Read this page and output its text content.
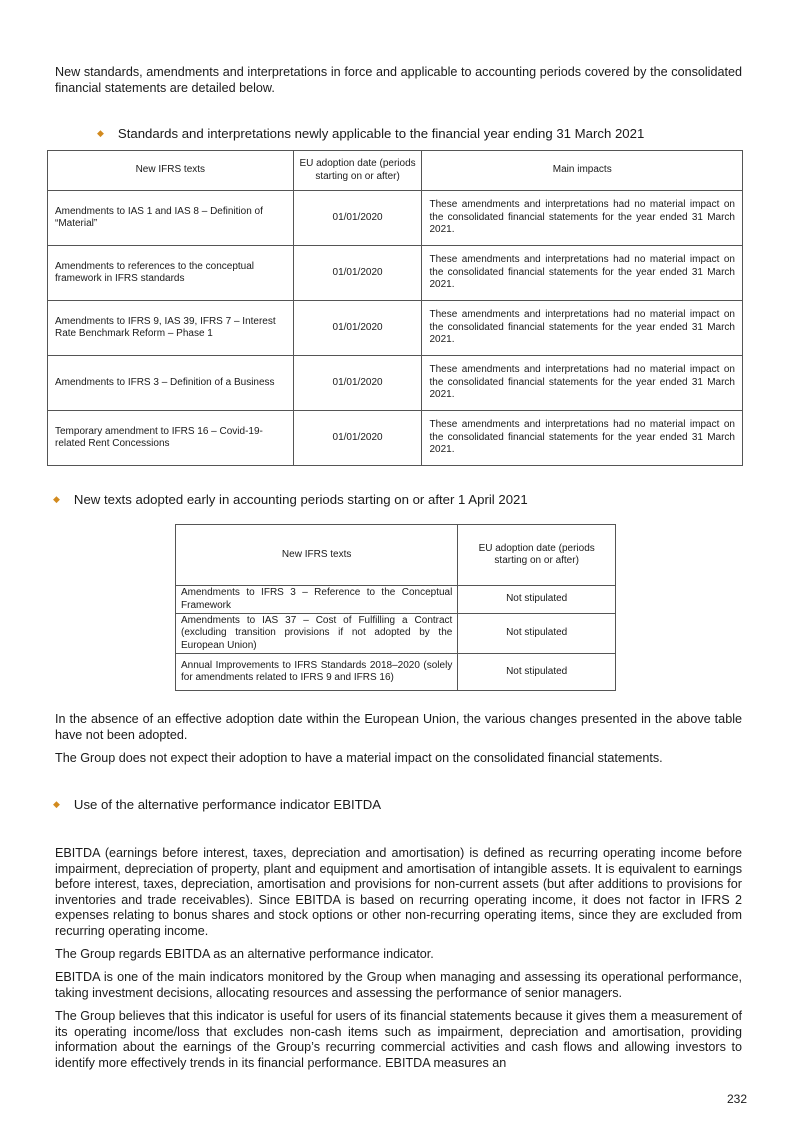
New standards, amendments and interpretations in force and applicable to accounting periods covered by the consolidated financial statements are detailed below.

◆ Standards and interpretations newly applicable to the financial year ending 31 March 2021
New IFRS texts	EU adoption date (periods starting on or after)	Main impacts
Amendments to IAS 1 and IAS 8 – Definition of “Material”	01/01/2020	These amendments and interpretations had no material impact on the consolidated financial statements for the year ended 31 March 2021.
Amendments to references to the conceptual framework in IFRS standards	01/01/2020	These amendments and interpretations had no material impact on the consolidated financial statements for the year ended 31 March 2021.
Amendments to IFRS 9, IAS 39, IFRS 7 – Interest Rate Benchmark Reform – Phase 1	01/01/2020	These amendments and interpretations had no material impact on the consolidated financial statements for the year ended 31 March 2021.
Amendments to IFRS 3 – Definition of a Business	01/01/2020	These amendments and interpretations had no material impact on the consolidated financial statements for the year ended 31 March 2021.
Temporary amendment to IFRS 16 – Covid-19-related Rent Concessions	01/01/2020	These amendments and interpretations had no material impact on the consolidated financial statements for the year ended 31 March 2021.
◆ New texts adopted early in accounting periods starting on or after 1 April 2021
New IFRS texts	EU adoption date (periods starting on or after)
Amendments to IFRS 3 – Reference to the Conceptual Framework	Not stipulated
Amendments to IAS 37 – Cost of Fulfilling a Contract (excluding transition provisions if not adopted by the European Union)	Not stipulated
Annual Improvements to IFRS Standards 2018–2020 (solely for amendments related to IFRS 9 and IFRS 16)	Not stipulated

In the absence of an effective adoption date within the European Union, the various changes presented in the above table have not been adopted.

The Group does not expect their adoption to have a material impact on the consolidated financial statements.

◆ Use of the alternative performance indicator EBITDA

EBITDA (earnings before interest, taxes, depreciation and amortisation) is defined as recurring operating income before impairment, depreciation of property, plant and equipment and amortisation of intangible assets. It is equivalent to earnings before interest, taxes, depreciation, amortisation and provisions for non-current assets (but after additions to provisions for inventories and trade receivables). Since EBITDA is based on recurring operating income, it does not factor in IFRS 2 expenses relating to bonus shares and stock options or other non-recurring operating items, since they are excluded from recurring operating income.

The Group regards EBITDA as an alternative performance indicator.

EBITDA is one of the main indicators monitored by the Group when managing and assessing its operational performance, taking investment decisions, allocating resources and assessing the performance of senior managers.

The Group believes that this indicator is useful for users of its financial statements because it gives them a measurement of its operating income/loss that excludes non-cash items such as impairment, depreciation and amortisation, providing information about the earnings of the Group’s recurring commercial activities and cash flows and allowing investors to identify more effectively trends in its financial performance. EBITDA measures an

232
